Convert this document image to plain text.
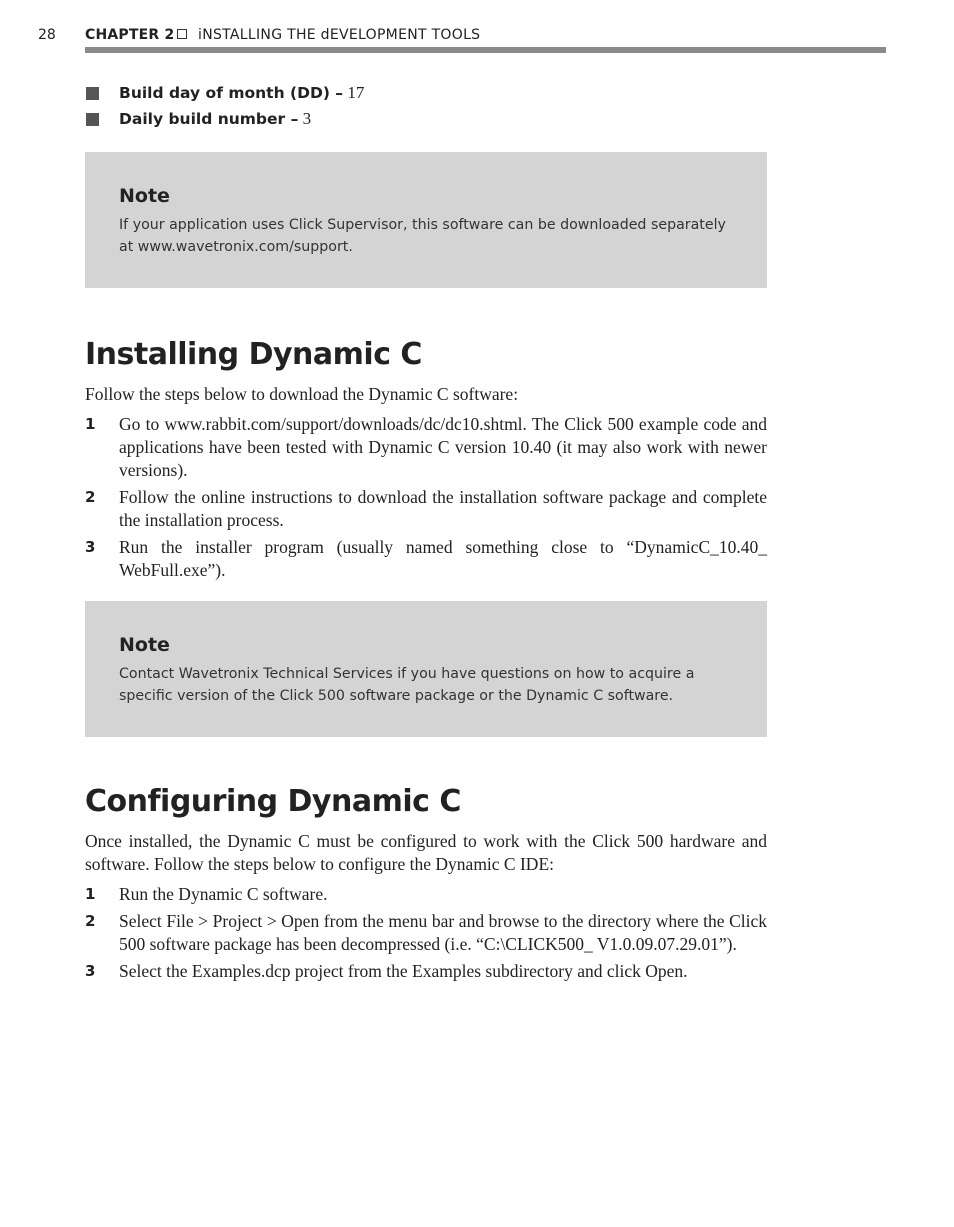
28 CHAPTER 2 iNSTALLING THE dEVELOPMENT TOOLS
Build day of month (DD) – 17
Daily build number – 3
Note
If your application uses Click Supervisor, this software can be downloaded separately at www.wavetronix.com/support.
Installing Dynamic C
Follow the steps below to download the Dynamic C software:
1 Go to www.rabbit.com/support/downloads/dc/dc10.shtml. The Click 500 example code and applications have been tested with Dynamic C version 10.40 (it may also work with newer versions).
2 Follow the online instructions to download the installation software package and complete the installation process.
3 Run the installer program (usually named something close to “DynamicC_10.40_ WebFull.exe”).
Note
Contact Wavetronix Technical Services if you have questions on how to acquire a specific version of the Click 500 software package or the Dynamic C software.
Configuring Dynamic C
Once installed, the Dynamic C must be configured to work with the Click 500 hardware and software. Follow the steps below to configure the Dynamic C IDE:
1 Run the Dynamic C software.
2 Select File > Project > Open from the menu bar and browse to the directory where the Click 500 software package has been decompressed (i.e. “C:\CLICK500_ V1.0.09.07.29.01”).
3 Select the Examples.dcp project from the Examples subdirectory and click Open.
